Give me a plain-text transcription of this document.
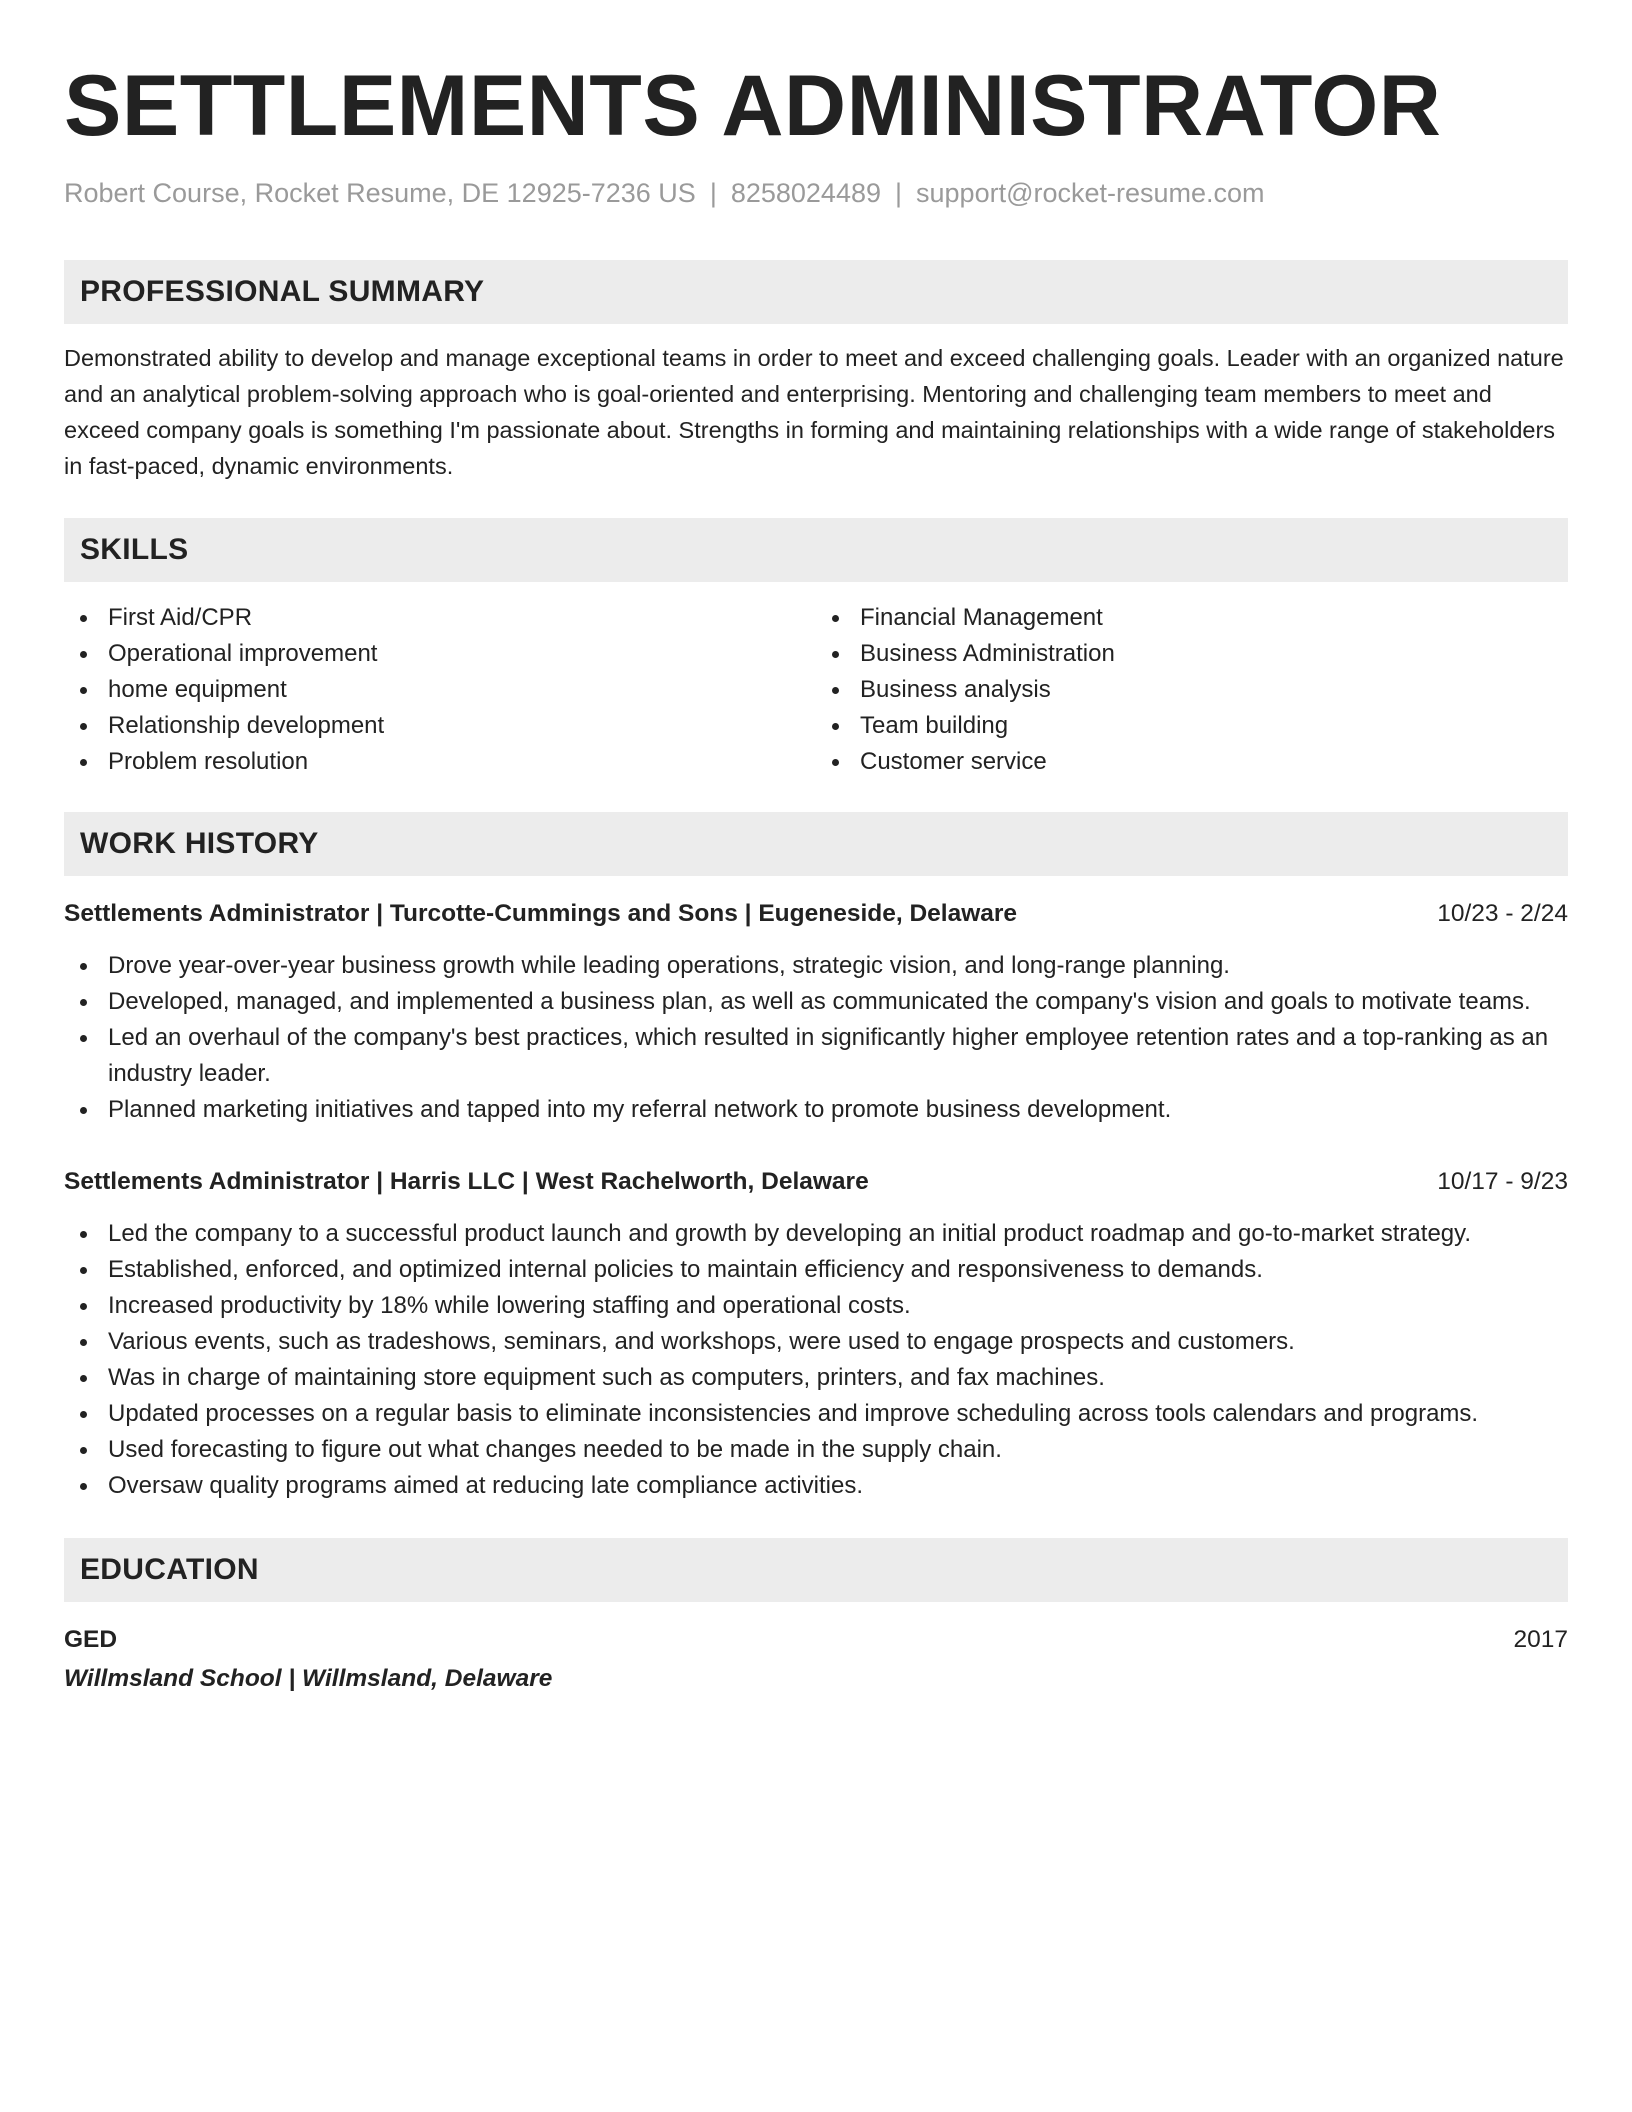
SETTLEMENTS ADMINISTRATOR
Robert Course, Rocket Resume, DE 12925-7236 US | 8258024489 | support@rocket-resume.com
PROFESSIONAL SUMMARY

Demonstrated ability to develop and manage exceptional teams in order to meet and exceed challenging goals. Leader with an organized nature and an analytical problem-solving approach who is goal-oriented and enterprising. Mentoring and challenging team members to meet and exceed company goals is something I'm passionate about. Strengths in forming and maintaining relationships with a wide range of stakeholders in fast-paced, dynamic environments.

SKILLS
First Aid/CPR
Operational improvement
home equipment
Relationship development
Problem resolution
Financial Management
Business Administration
Business analysis
Team building
Customer service
WORK HISTORY
Settlements Administrator | Turcotte-Cummings and Sons | Eugeneside, Delaware	10/23 - 2/24
Drove year-over-year business growth while leading operations, strategic vision, and long-range planning.
Developed, managed, and implemented a business plan, as well as communicated the company's vision and goals to motivate teams.
Led an overhaul of the company's best practices, which resulted in significantly higher employee retention rates and a top-ranking as an industry leader.
Planned marketing initiatives and tapped into my referral network to promote business development.
Settlements Administrator | Harris LLC | West Rachelworth, Delaware	10/17 - 9/23
Led the company to a successful product launch and growth by developing an initial product roadmap and go-to-market strategy.
Established, enforced, and optimized internal policies to maintain efficiency and responsiveness to demands.
Increased productivity by 18% while lowering staffing and operational costs.
Various events, such as tradeshows, seminars, and workshops, were used to engage prospects and customers.
Was in charge of maintaining store equipment such as computers, printers, and fax machines.
Updated processes on a regular basis to eliminate inconsistencies and improve scheduling across tools calendars and programs.
Used forecasting to figure out what changes needed to be made in the supply chain.
Oversaw quality programs aimed at reducing late compliance activities.
EDUCATION
GED	2017
Willmsland School | Willmsland, Delaware
